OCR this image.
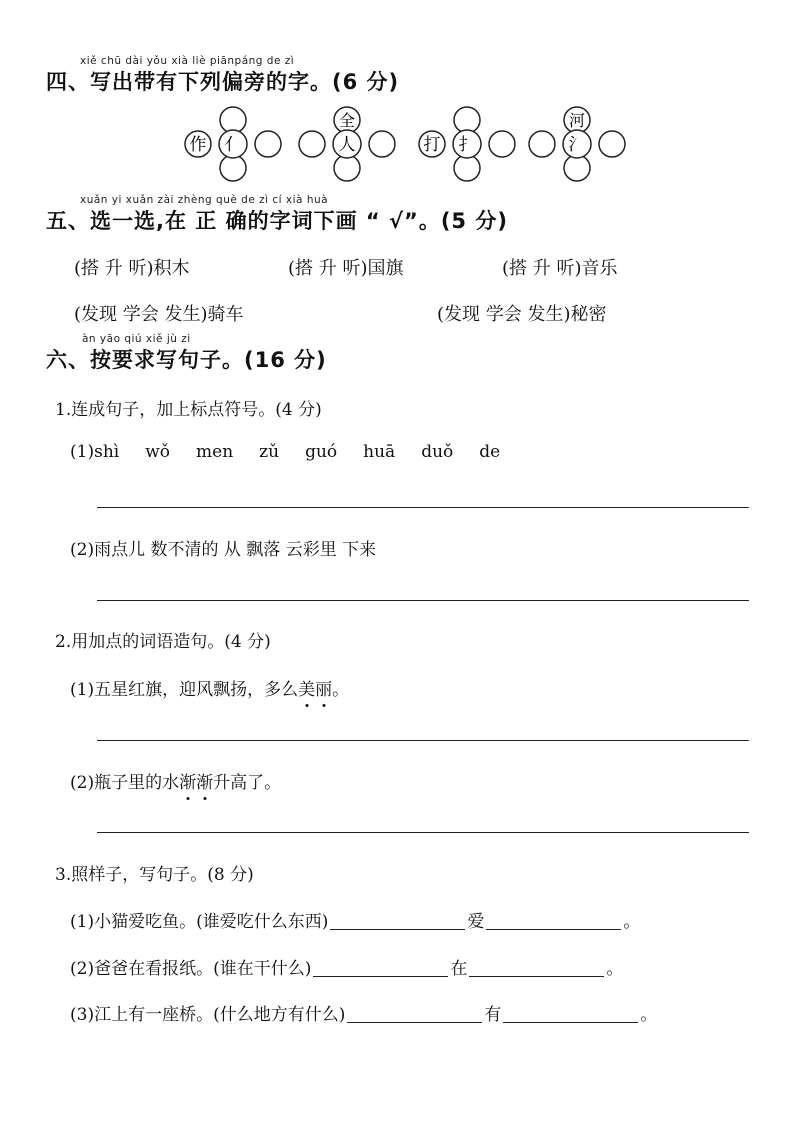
xiě chū dài yǒu xià liè piānpáng de zì
四、写出带有下列偏旁的字。(6 分)
作 亻
全
人	打 扌
河
氵
xuǎn yi xuǎn zài zhèng què de zì cí xià huà
五、选一选,在 正 确的字词下画 “ √”。(5 分)
(搭 升 听)积木	(搭 升 听)国旗	(搭 升 听)音乐
(发现 学会 发生)骑车	(发现 学会 发生)秘密
àn yāo qiú xiě jù zi
六、按要求写句子。(16 分)
1.连成句子，加上标点符号。(4 分)
(1)shì wǒ men zǔ guó huā duǒ de
(2)雨点儿 数不清的 从 飘落 云彩里 下来
2.用加点的词语造句。(4 分)
(1)五星红旗，迎风飘扬，多么美丽。
(2)瓶子里的水渐渐升高了。
3.照样子，写句子。(8 分)
(1)小猫爱吃鱼。(谁爱吃什么东西)	爱	。
(2)爸爸在看报纸。(谁在干什么)	在	。
(3)江上有一座桥。(什么地方有什么)	有	。
